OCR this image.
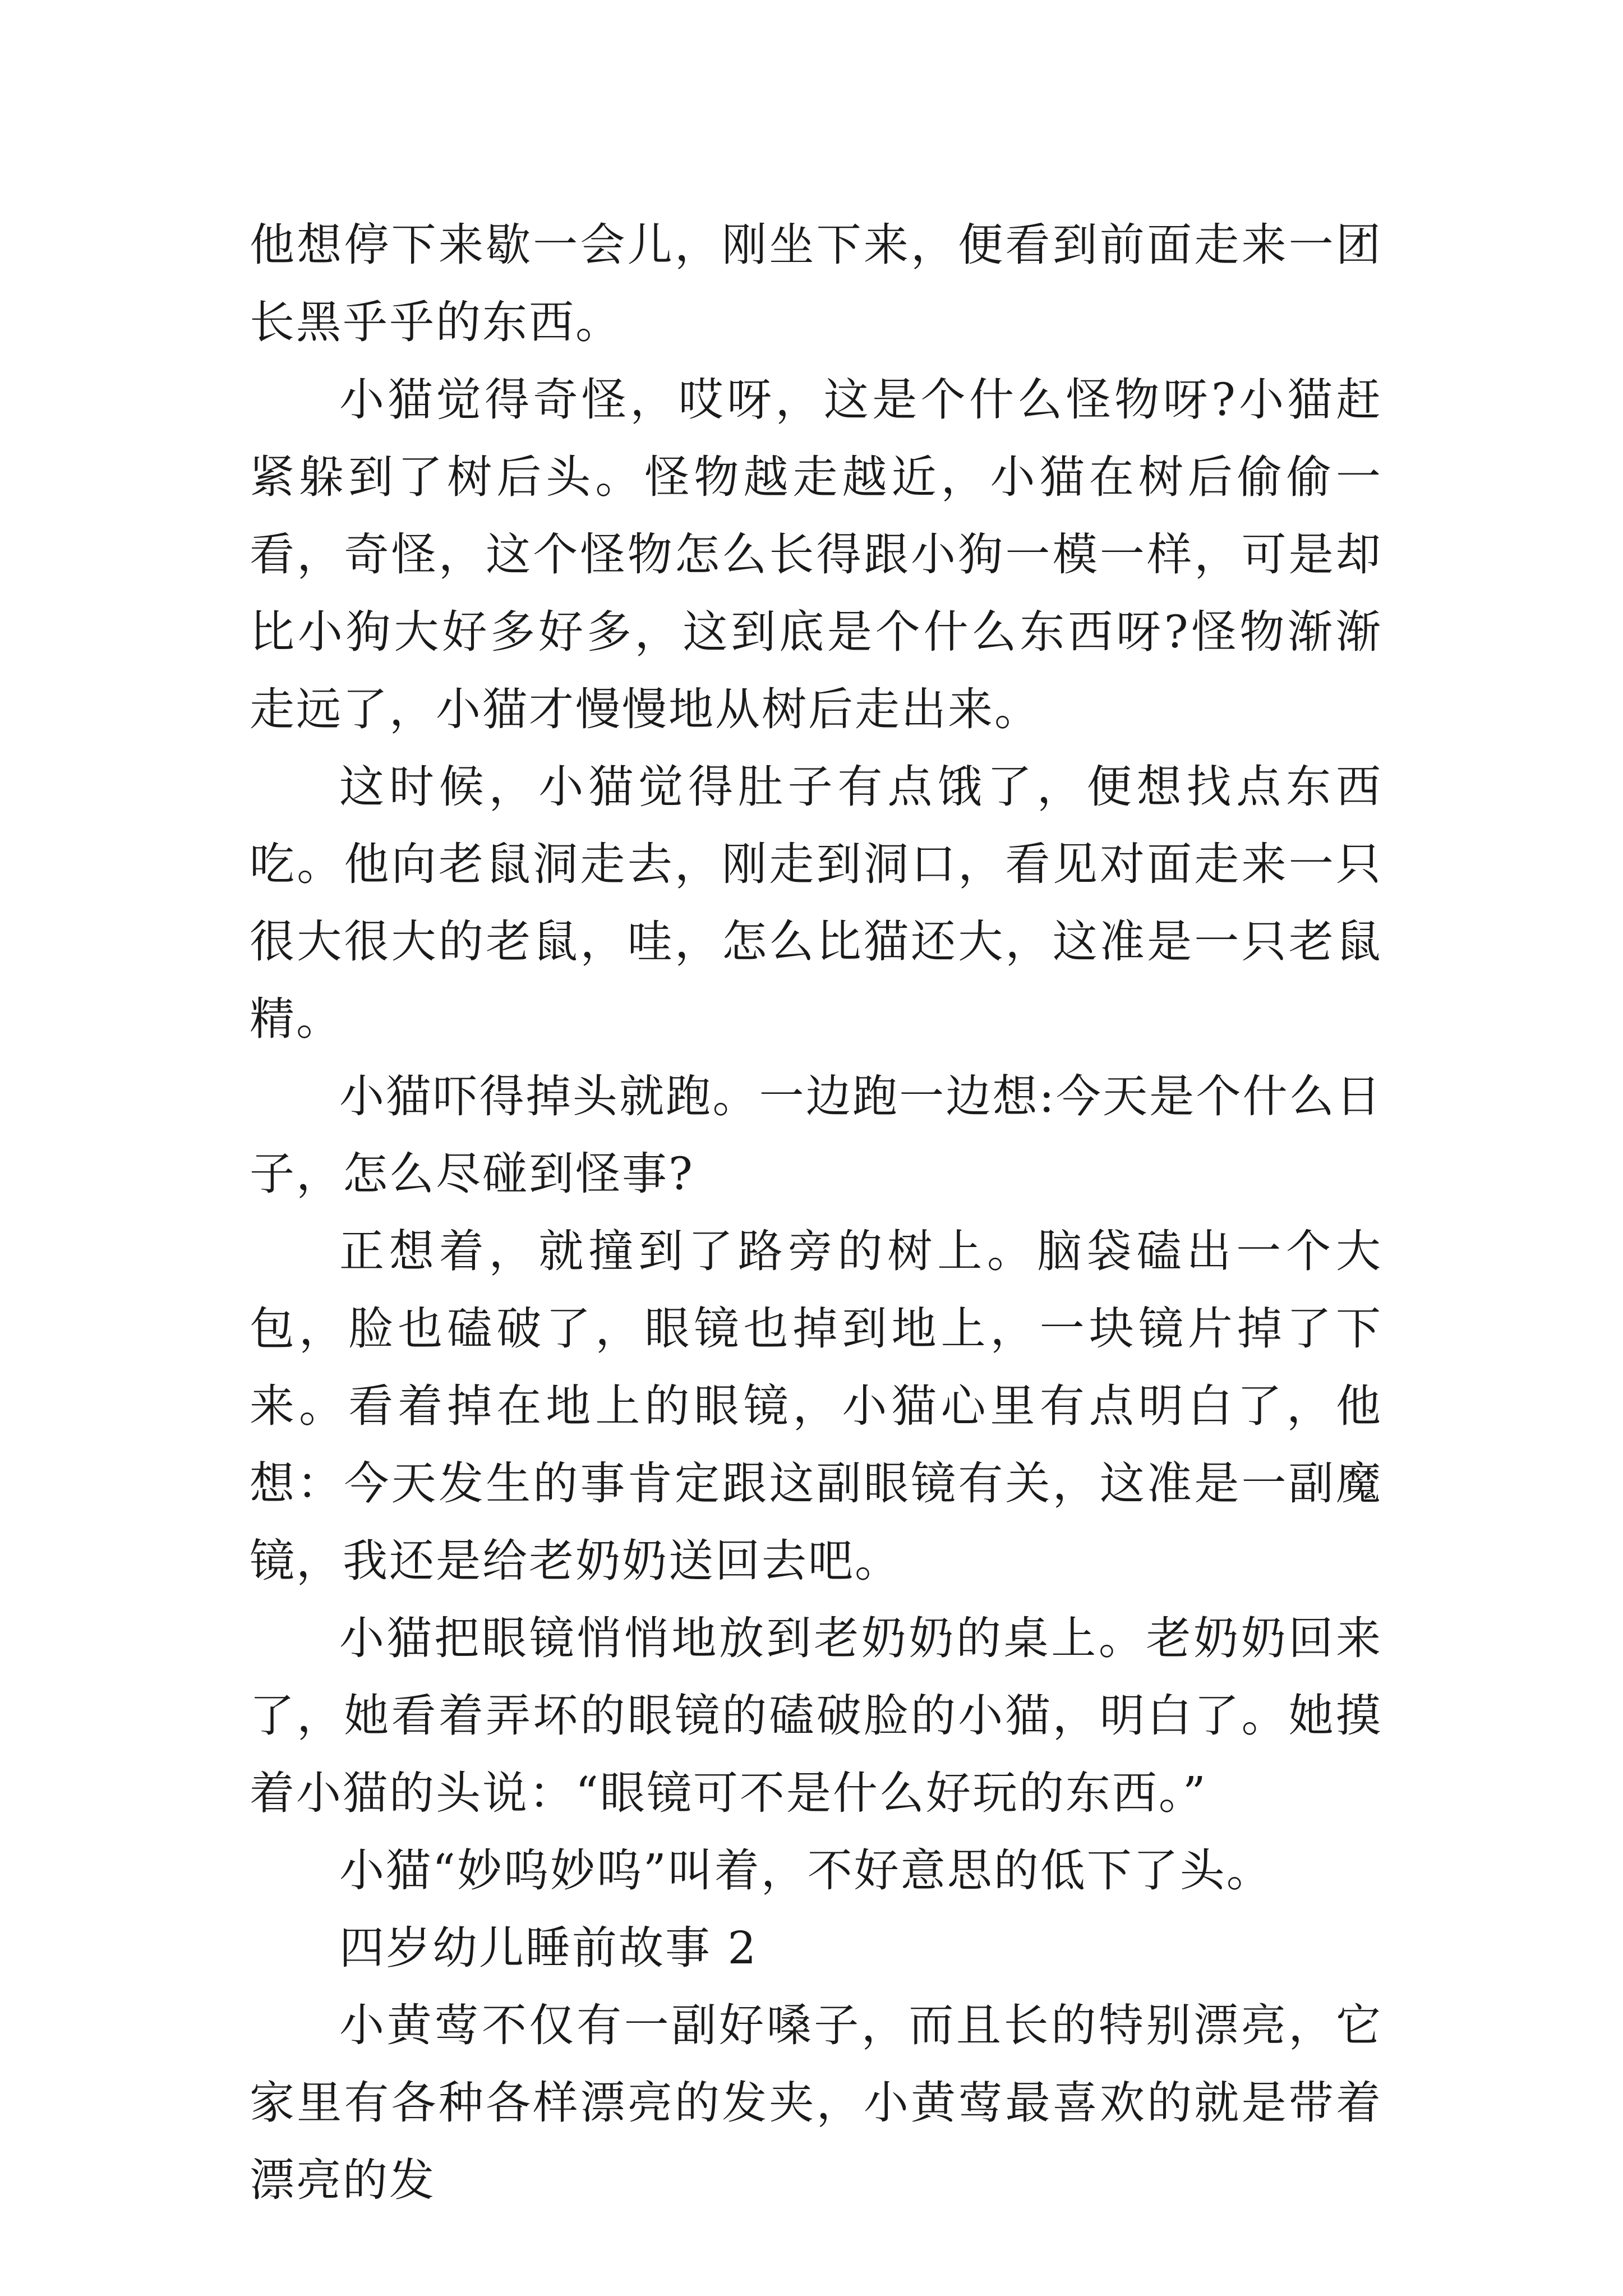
他想停下来歇一会儿，刚坐下来，便看到前面走来一团长黑乎乎的东西。

小猫觉得奇怪，哎呀，这是个什么怪物呀?小猫赶紧躲到了树后头。怪物越走越近，小猫在树后偷偷一看，奇怪，这个怪物怎么长得跟小狗一模一样，可是却比小狗大好多好多，这到底是个什么东西呀?怪物渐渐走远了，小猫才慢慢地从树后走出来。

这时候，小猫觉得肚子有点饿了，便想找点东西吃。他向老鼠洞走去，刚走到洞口，看见对面走来一只很大很大的老鼠，哇，怎么比猫还大，这准是一只老鼠精。

小猫吓得掉头就跑。一边跑一边想:今天是个什么日子，怎么尽碰到怪事?

正想着，就撞到了路旁的树上。脑袋磕出一个大包，脸也磕破了，眼镜也掉到地上，一块镜片掉了下来。看着掉在地上的眼镜，小猫心里有点明白了，他想：今天发生的事肯定跟这副眼镜有关，这准是一副魔镜，我还是给老奶奶送回去吧。

小猫把眼镜悄悄地放到老奶奶的桌上。老奶奶回来了，她看着弄坏的眼镜的磕破脸的小猫，明白了。她摸着小猫的头说：“眼镜可不是什么好玩的东西。”

小猫“妙呜妙呜”叫着，不好意思的低下了头。

四岁幼儿睡前故事 2

小黄莺不仅有一副好嗓子，而且长的特别漂亮，它家里有各种各样漂亮的发夹，小黄莺最喜欢的就是带着漂亮的发
